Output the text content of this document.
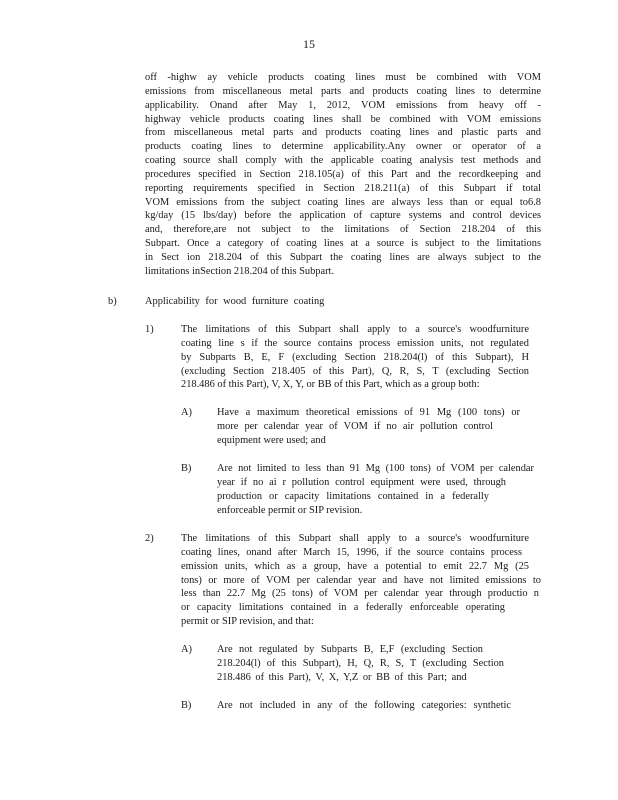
15
off -highw ay vehicle products coating lines must be combined with VOM
emissions from miscellaneous metal parts and products coating lines to determine
applicability. Onand after May 1, 2012, VOM emissions from heavy off -
highway vehicle products coating lines shall be combined with VOM emissions
from miscellaneous metal parts and products coating lines and plastic parts and
products coating lines to determine applicability.Any owner or operator of a
coating source shall comply with the applicable coating analysis test methods and
procedures specified in Section 218.105(a) of this Part and the recordkeeping and
reporting requirements specified in Section 218.211(a) of this Subpart if total
VOM emissions from the subject coating lines are always less than or equal to6.8
kg/day (15 lbs/day) before the application of capture systems and control devices
and, therefore,are not subject to the limitations of Section 218.204 of this
Subpart. Once a category of coating lines at a source is subject to the limitations
in Sect ion 218.204 of this Subpart the coating lines are always subject to the
limitations inSection 218.204 of this Subpart.
b)	Applicability for wood furniture coating
1)	The limitations of this Subpart shall apply to a source's woodfurniture
coating line s if the source contains process emission units, not regulated
by Subparts B, E, F (excluding Section 218.204(l) of this Subpart), H
(excluding Section 218.405 of this Part), Q, R, S, T (excluding Section
218.486 of this Part), V, X, Y, or BB of this Part, which as a group both:
A) Have a maximum theoretical emissions of 91 Mg (100 tons) or
more per calendar year of VOM if no air pollution control
equipment were used; and
B) Are not limited to less than 91 Mg (100 tons) of VOM per calendar
year if no ai r pollution control equipment were used, through
production or capacity limitations contained in a federally
enforceable permit or SIP revision.
2)	The limitations of this Subpart shall apply to a source's woodfurniture
coating lines, onand after March 15, 1996, if the source contains process
emission units, which as a group, have a potential to emit 22.7 Mg (25
tons) or more of VOM per calendar year and have not limited emissions to
less than 22.7 Mg (25 tons) of VOM per calendar year through productio n
or capacity limitations contained in a federally enforceable operating
permit or SIP revision, and that:
A) Are not regulated by Subparts B, E,F (excluding Section
218.204(l) of this Subpart), H, Q, R, S, T (excluding Section
218.486 of this Part), V, X, Y,Z or BB of this Part; and
B) Are not included in any of the following categories: synthetic
